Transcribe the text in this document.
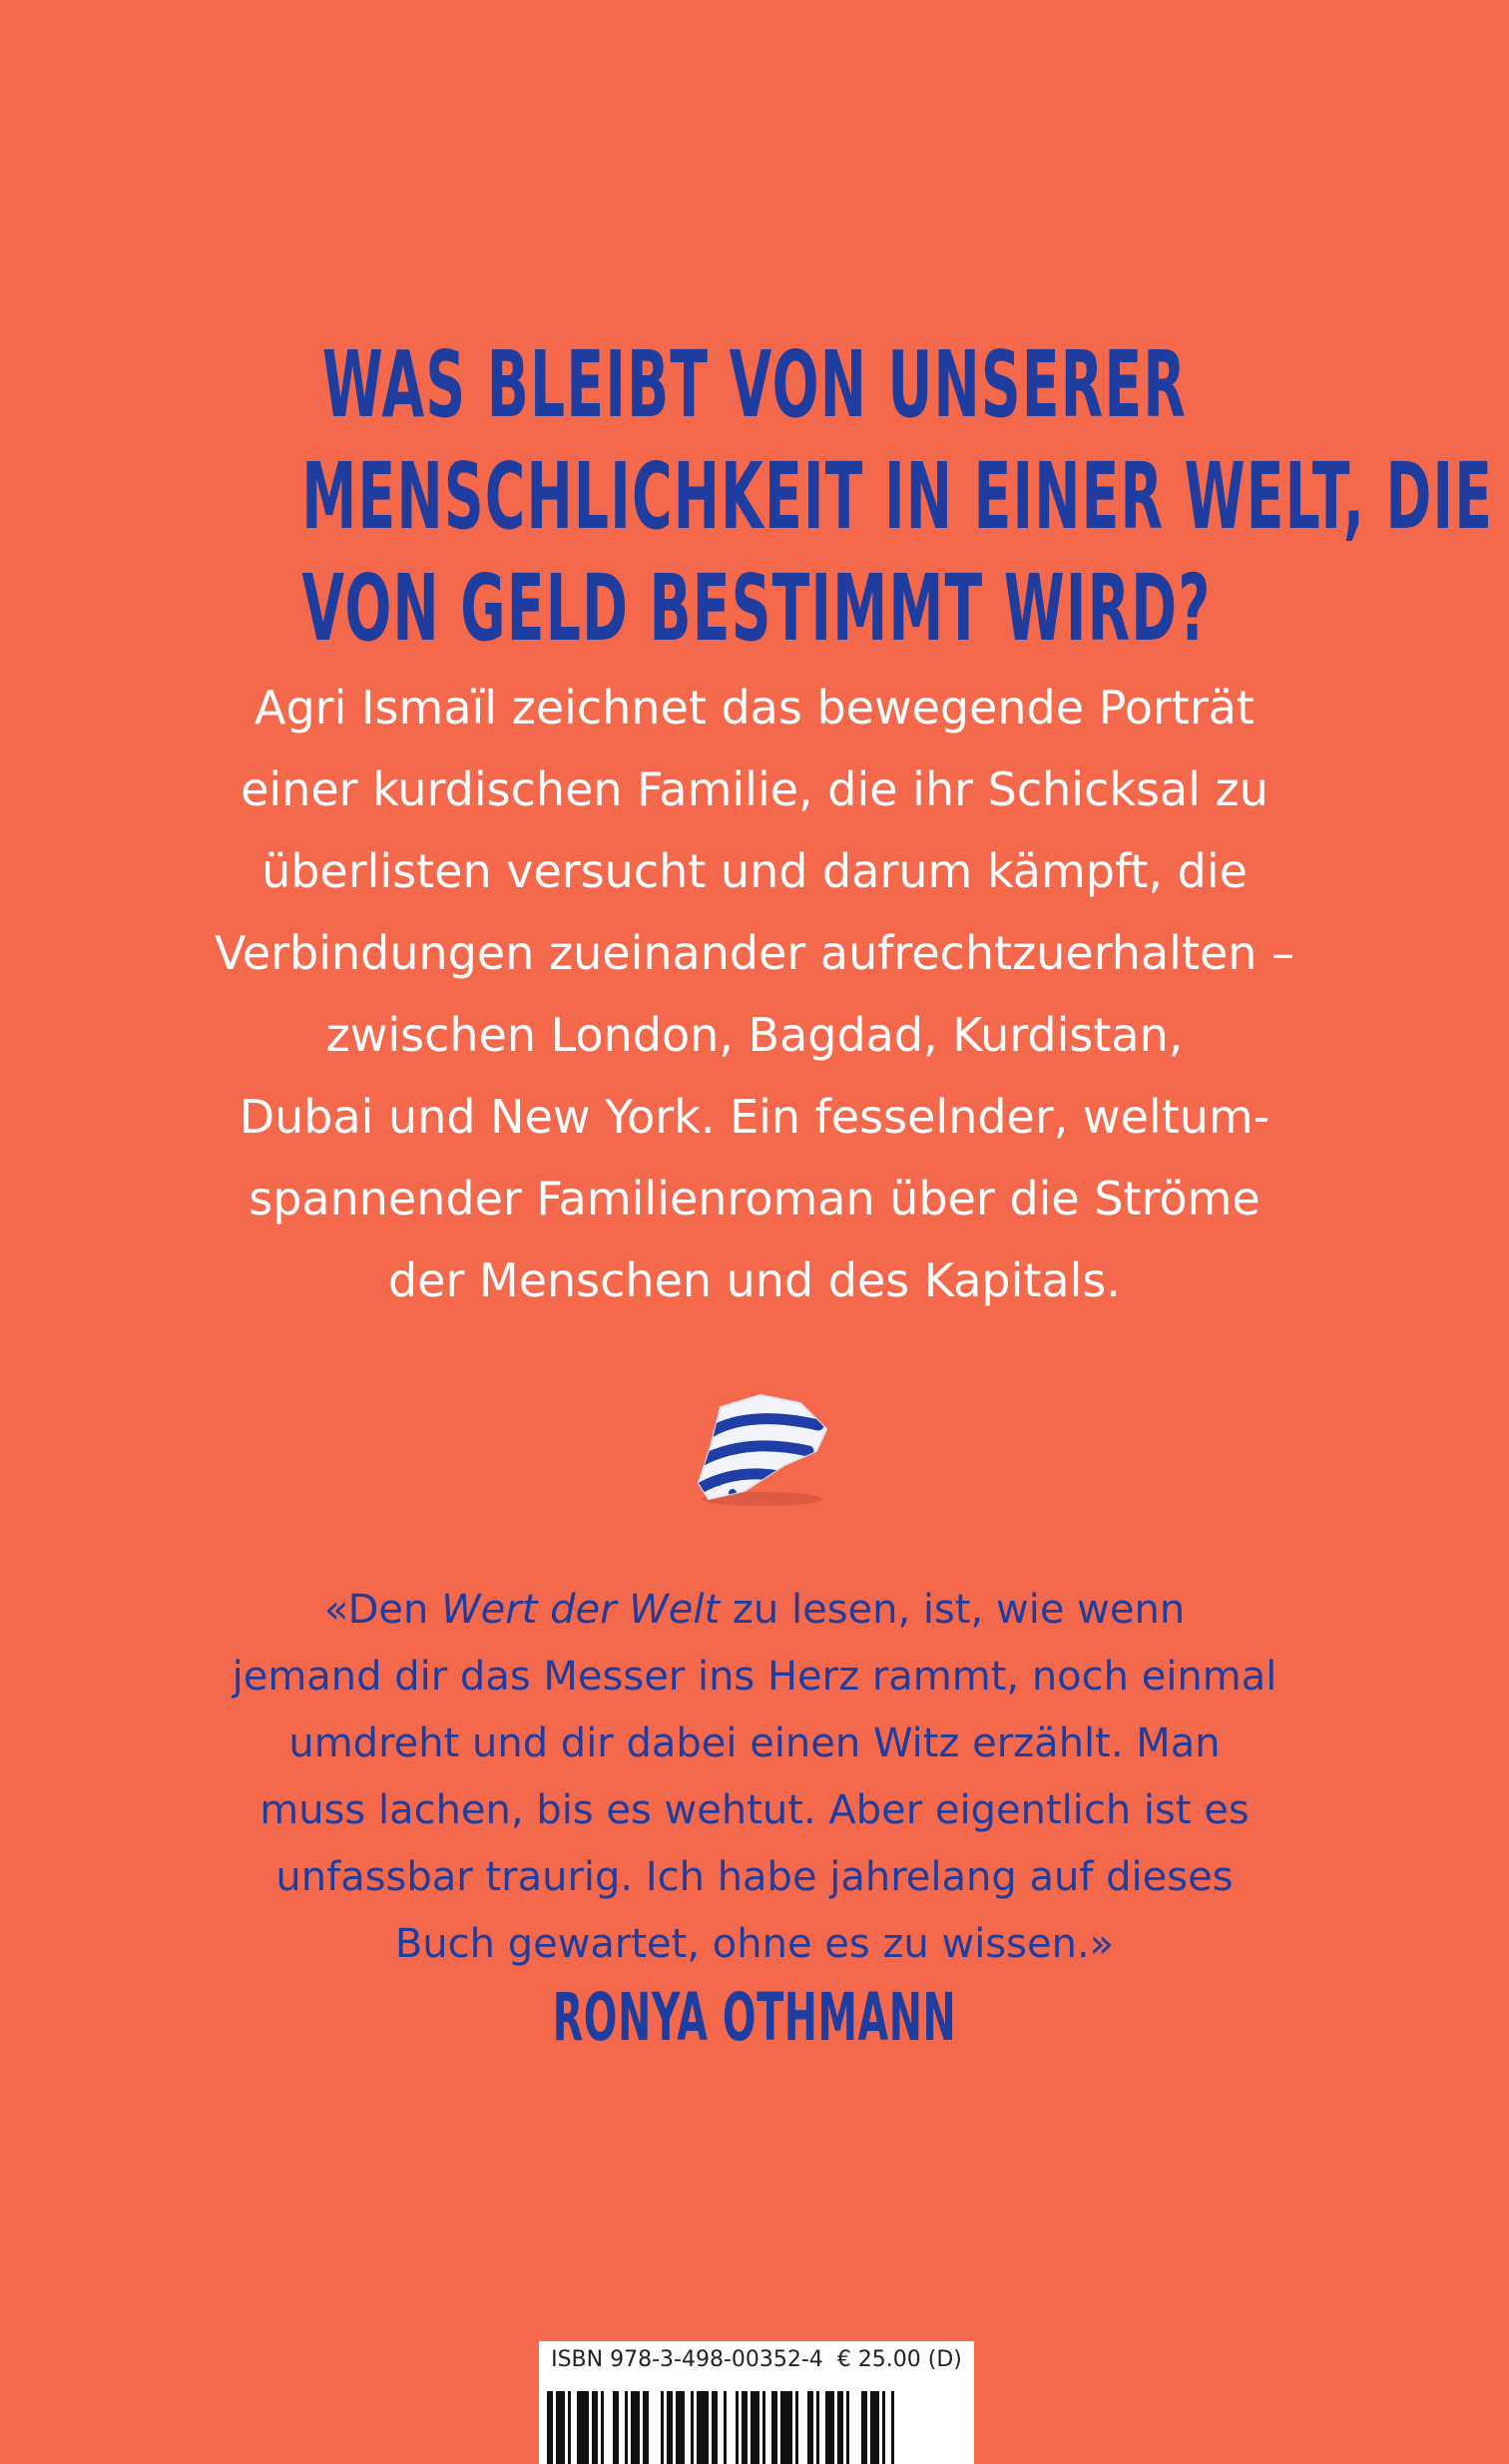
WAS BLEIBT VON UNSERER
MENSCHLICHKEIT IN EINER WELT, DIE
VON GELD BESTIMMT WIRD?
Agri Ismaïl zeichnet das bewegende Porträt
einer kurdischen Familie, die ihr Schicksal zu
überlisten versucht und darum kämpft, die
Verbindungen zueinander aufrechtzuerhalten –
zwischen London, Bagdad, Kurdistan,
Dubai und New York. Ein fesselnder, weltum-
spannender Familienroman über die Ströme
der Menschen und des Kapitals.
«Den Wert der Welt zu lesen, ist, wie wenn
jemand dir das Messer ins Herz rammt, noch einmal
umdreht und dir dabei einen Witz erzählt. Man
muss lachen, bis es wehtut. Aber eigentlich ist es
unfassbar traurig. Ich habe jahrelang auf dieses
Buch gewartet, ohne es zu wissen.»
RONYA OTHMANN
ISBN 978-3-498-00352-4 € 25.00 (D)
